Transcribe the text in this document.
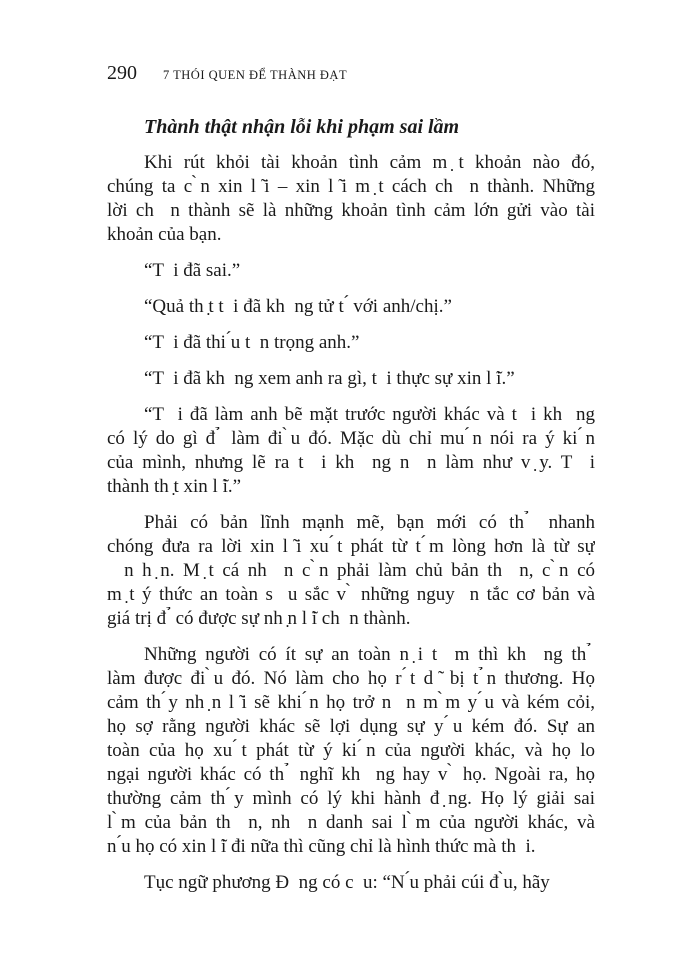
290 7 THÓI QUEN ĐỂ THÀNH ĐẠT
Thành thật nhận lỗi khi phạm sai lầm
Khi rút khỏi tài khoản tình cảm m ̣t khoản nào đó,
chúng ta c ̀n xin l ̃i – xin l ̃i m ̣t cách ch  n thành. Những
lời ch  n thành sẽ là những khoản tình cảm lớn gửi vào tài
khoản của bạn.
“T  i đã sai.”
“Quả th ̣t t  i đã kh  ng tử t ́ với anh/chị.”
“T  i đã thi ́u t  n trọng anh.”
“T  i đã kh  ng xem anh ra gì, t  i thực sự xin l ̃i.”
“T  i đã làm anh bẽ mặt trước người khác và t  i kh  ng
có lý do gì đ ̉ làm đi ̀u đó. Mặc dù chỉ mu ́n nói ra ý ki ́n
của mình, nhưng lẽ ra t  i kh  ng n  n làm như v ̣y. T  i
thành th ̣t xin l ̃i.”
Phải có bản lĩnh mạnh mẽ, bạn mới có th ̉ nhanh
chóng đưa ra lời xin l ̃i xu ́t phát từ t ́m lòng hơn là từ sự
n h ̣n. M ̣t cá nh  n c ̀n phải làm chủ bản th  n, c ̀n có
m ̣t ý thức an toàn s  u sắc v ̀ những nguy  n tắc cơ bản và
giá trị đ ̉ có được sự nh ̣n l ̃i ch  n thành.
Những người có ít sự an toàn n ̣i t  m thì kh  ng th ̉
làm được đi ̀u đó. Nó làm cho họ r ́t d ̃ bị t ̉n thương. Họ
cảm th ́y nh ̣n l ̃i sẽ khi ́n họ trở n  n m ̀m y ́u và kém cỏi,
họ sợ rằng người khác sẽ lợi dụng sự y ́u kém đó. Sự an
toàn của họ xu ́t phát từ ý ki ́n của người khác, và họ lo
ngại người khác có th ̉ nghĩ kh  ng hay v ̀ họ. Ngoài ra, họ
thường cảm th ́y mình có lý khi hành đ ̣ng. Họ lý giải sai
l ̀m của bản th  n, nh  n danh sai l ̀m của người khác, và
n ́u họ có xin l ̃i đi nữa thì cũng chỉ là hình thức mà th  i.
Tục ngữ phương Đ  ng có c  u: “N ́u phải cúi đ ̀u, hãy
